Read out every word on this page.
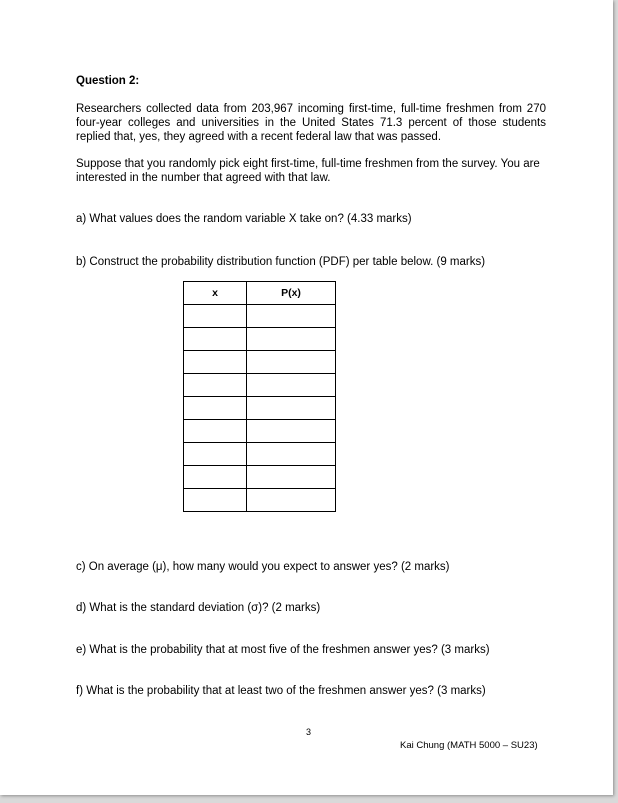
Question 2:
Researchers collected data from 203,967 incoming first-time, full-time freshmen from 270 four-year colleges and universities in the United States 71.3 percent of those students replied that, yes, they agreed with a recent federal law that was passed.
Suppose that you randomly pick eight first-time, full-time freshmen from the survey. You are interested in the number that agreed with that law.
a) What values does the random variable X take on? (4.33 marks)
b) Construct the probability distribution function (PDF) per table below. (9 marks)
x	P(x)

c) On average (μ), how many would you expect to answer yes? (2 marks)
d) What is the standard deviation (σ)? (2 marks)
e) What is the probability that at most five of the freshmen answer yes? (3 marks)
f) What is the probability that at least two of the freshmen answer yes? (3 marks)
3
Kai Chung (MATH 5000 – SU23)
